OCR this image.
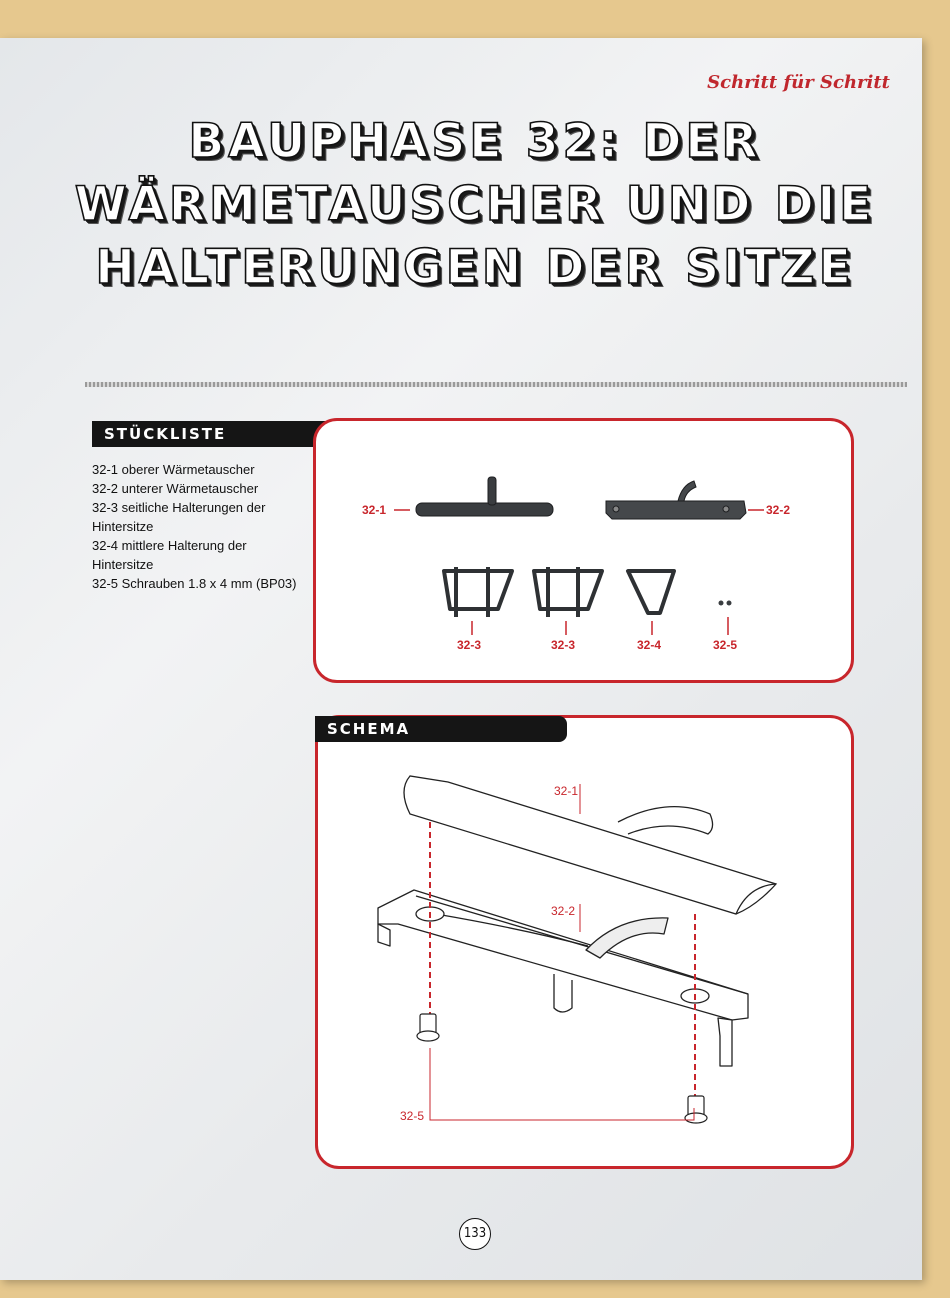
Schritt für Schritt
BAUPHASE 32: DER WÄRMETAUSCHER UND DIE HALTERUNGEN DER SITZE
STÜCKLISTE
32-1 oberer Wärmetauscher
32-2 unterer Wärmetauscher
32-3 seitliche Halterungen der Hintersitze
32-4 mittlere Halterung der Hintersitze
32-5 Schrauben 1.8 x 4 mm (BP03)
32-1	32-2
32-3	32-3	32-4	32-5
32-1
32-2
32-5
SCHEMA
133
